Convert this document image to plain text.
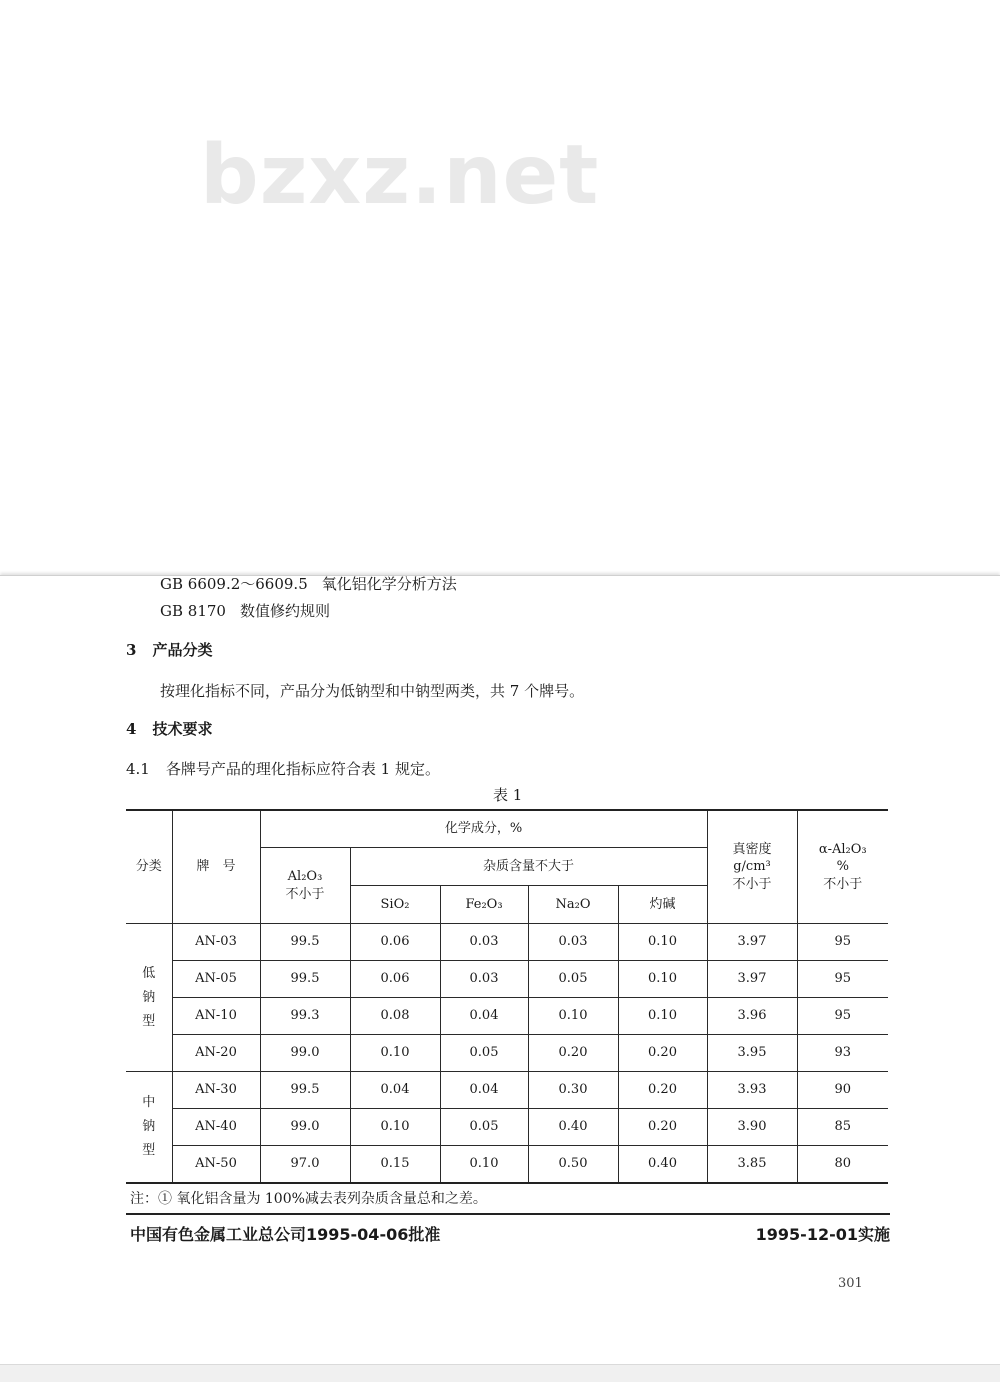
bzxz.net
GB 6609.2～6609.5 氧化铝化学分析方法
GB 8170 数值修约规则
3 产品分类
按理化指标不同，产品分为低钠型和中钠型两类，共 7 个牌号。
4 技术要求
4.1 各牌号产品的理化指标应符合表 1 规定。
表 1
分类	牌　号	化学成分，%					真密度
g/cm³
不小于	α-Al₂O₃
%
不小于
		Al₂O₃
不小于	杂质含量不大于					
			SiO₂	Fe₂O₃	Na₂O	灼碱		
低钠型	AN-03	99.5	0.06	0.03	0.03	0.10	3.97	95
	AN-05	99.5	0.06	0.03	0.05	0.10	3.97	95
	AN-10	99.3	0.08	0.04	0.10	0.10	3.96	95
	AN-20	99.0	0.10	0.05	0.20	0.20	3.95	93
中钠型	AN-30	99.5	0.04	0.04	0.30	0.20	3.93	90
	AN-40	99.0	0.10	0.05	0.40	0.20	3.90	85
	AN-50	97.0	0.15	0.10	0.50	0.40	3.85	80
注：① 氧化铝含量为 100%减去表列杂质含量总和之差。
中国有色金属工业总公司1995-04-06批准	1995-12-01实施
301
